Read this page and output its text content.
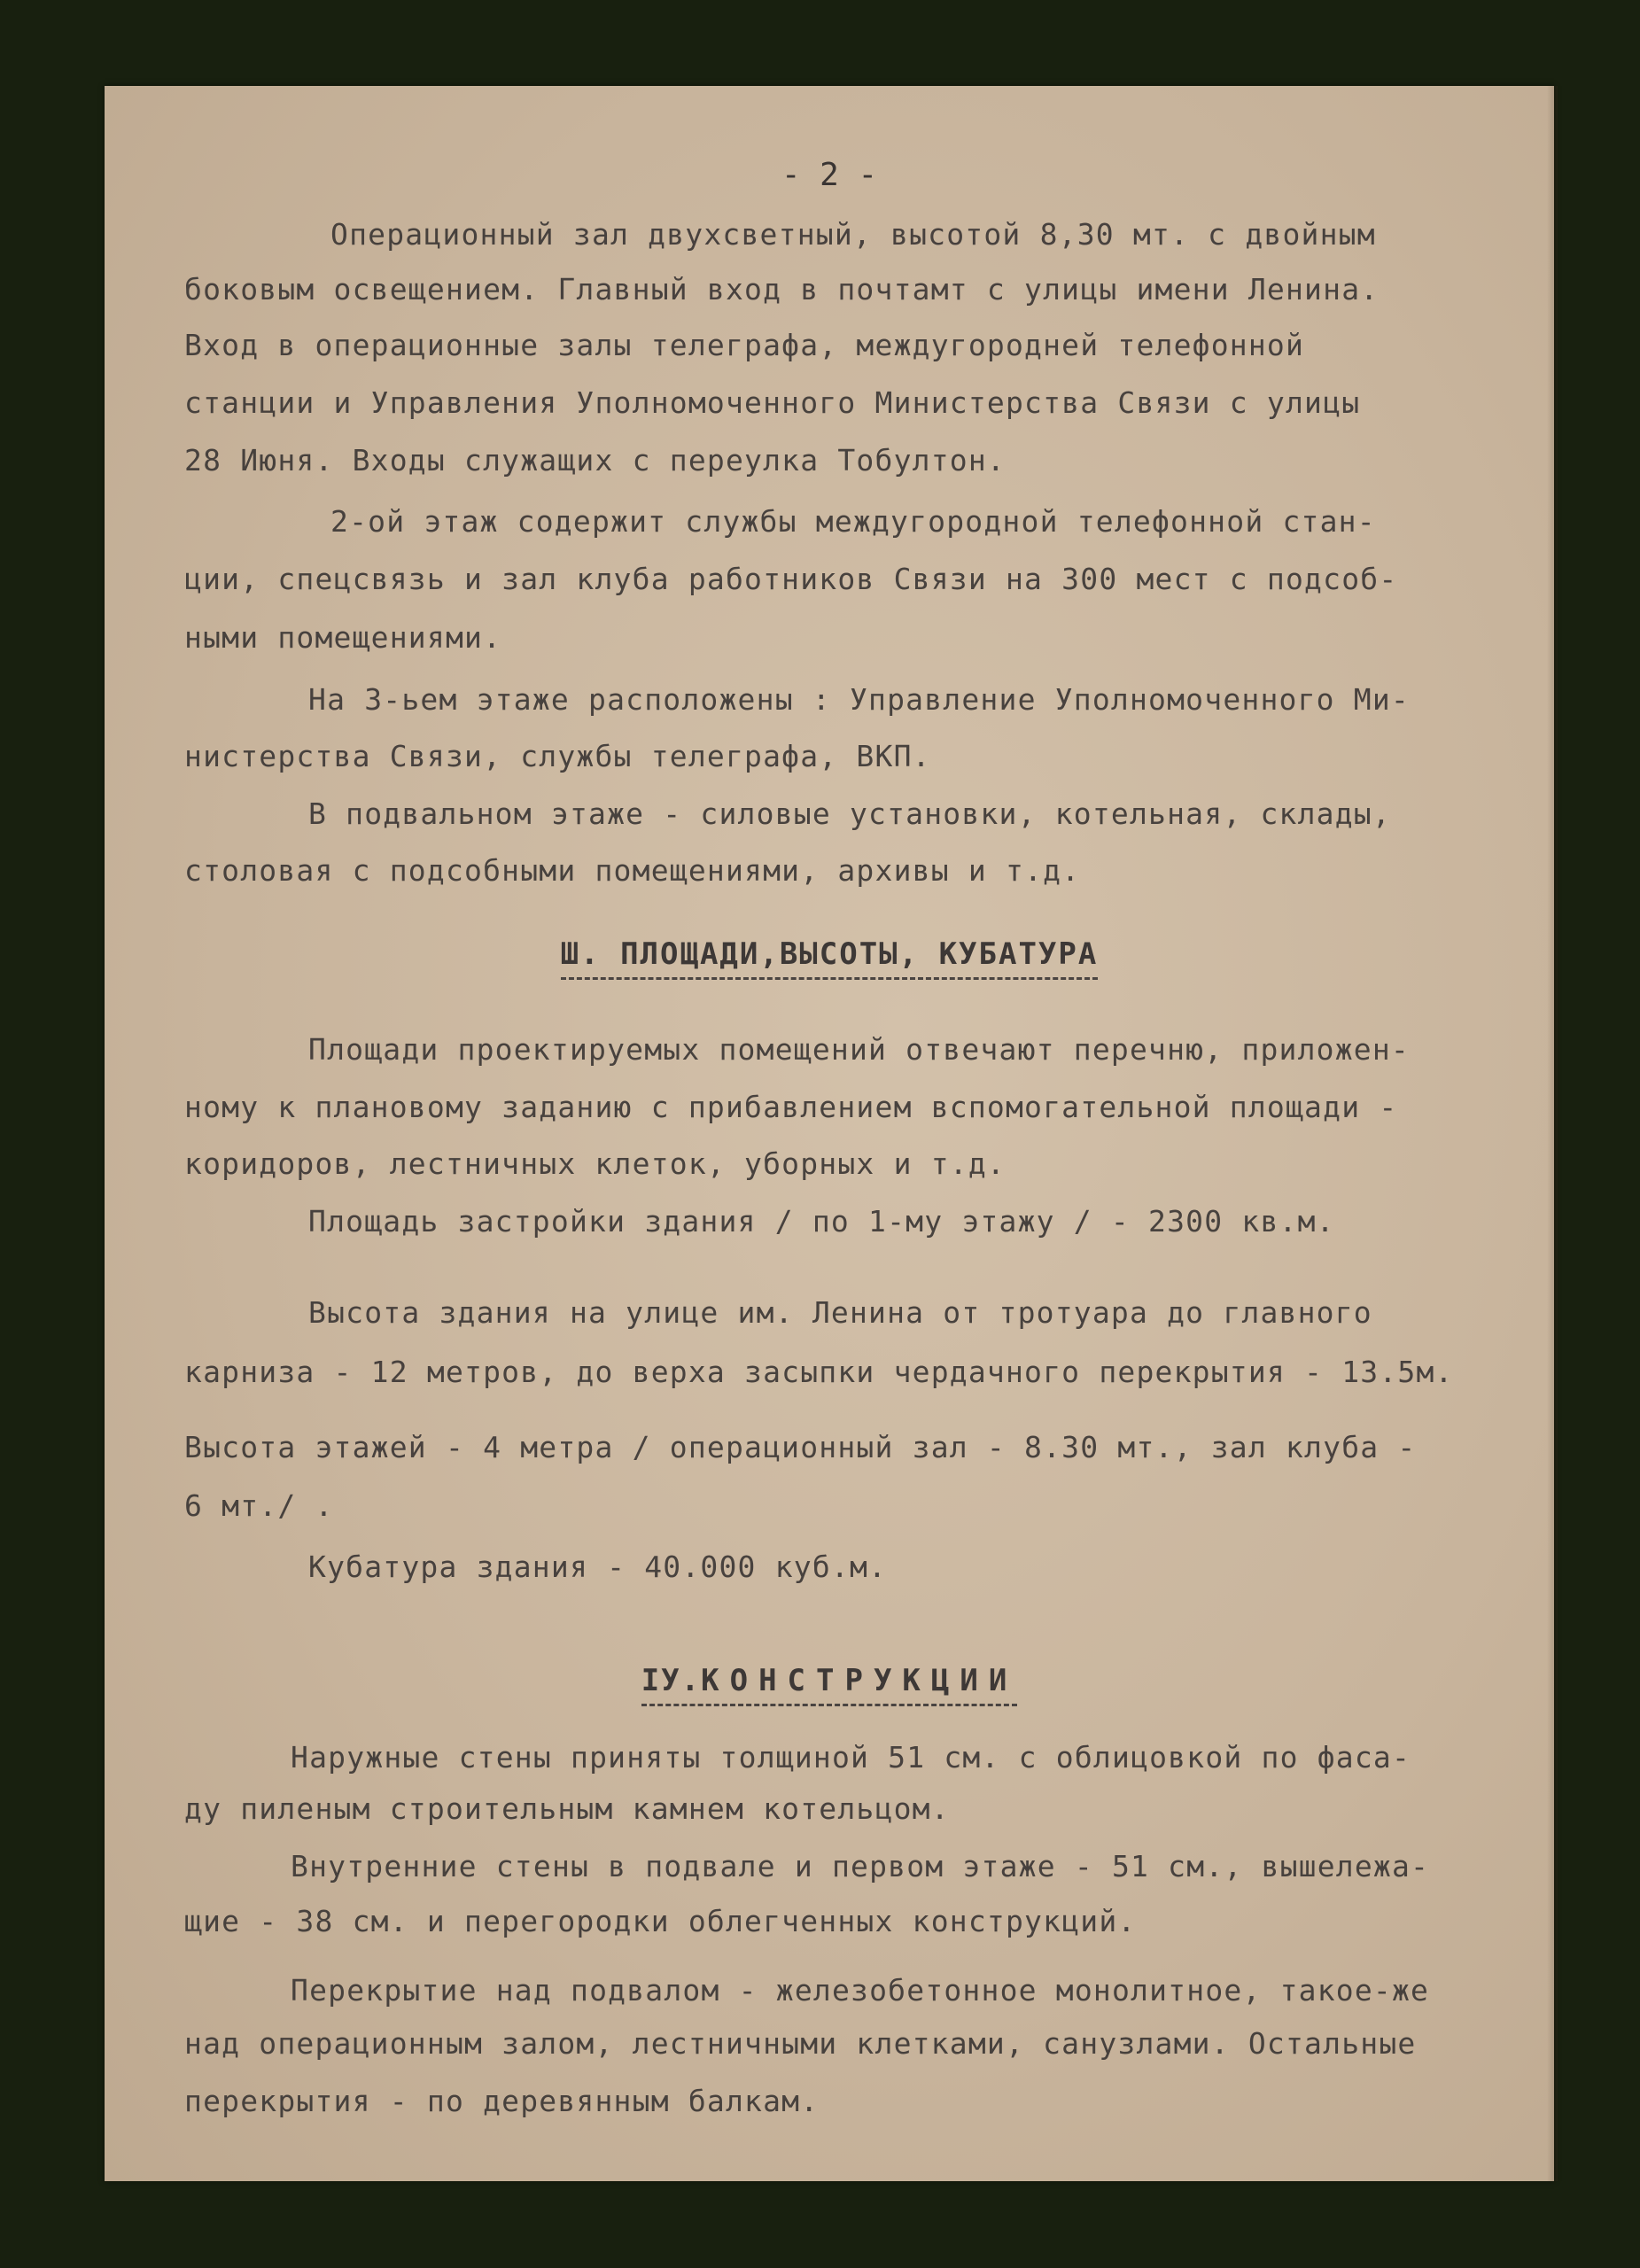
- 2 -
Операционный зал двухсветный, высотой 8,30 мт. с двойным
боковым освещением. Главный вход в почтамт с улицы имени Ленина.
Вход в операционные залы телеграфа, междугородней телефонной
станции и Управления Уполномоченного Министерства Связи с улицы
28 Июня. Входы служащих с переулка Тобултон.
2-ой этаж содержит службы междугородной телефонной стан-
ции, спецсвязь и зал клуба работников Связи на 300 мест с подсоб-
ными помещениями.
На 3-ьем этаже расположены : Управление Уполномоченного Ми-
нистерства Связи, службы телеграфа, ВКП.
В подвальном этаже - силовые установки, котельная, склады,
столовая с подсобными помещениями, архивы и т.д.
Ш. ПЛОЩАДИ,ВЫСОТЫ, КУБАТУРА
Площади проектируемых помещений отвечают перечню, приложен-
ному к плановому заданию с прибавлением вспомогательной площади -
коридоров, лестничных клеток, уборных и т.д.
Площадь застройки здания / по 1-му этажу / - 2300 кв.м.
Высота здания на улице им. Ленина от тротуара до главного
карниза - 12 метров, до верха засыпки чердачного перекрытия - 13.5м.
Высота этажей - 4 метра / операционный зал - 8.30 мт., зал клуба -
6 мт./ .
Кубатура здания - 40.000 куб.м.
IУ.КОНСТРУКЦИИ
Наружные стены приняты толщиной 51 см. с облицовкой по фаса-
ду пиленым строительным камнем котельцом.
Внутренние стены в подвале и первом этаже - 51 см., вышележа-
щие - 38 см. и перегородки облегченных конструкций.
Перекрытие над подвалом - железобетонное монолитное, такое-же
над операционным залом, лестничными клетками, санузлами. Остальные
перекрытия - по деревянным балкам.
